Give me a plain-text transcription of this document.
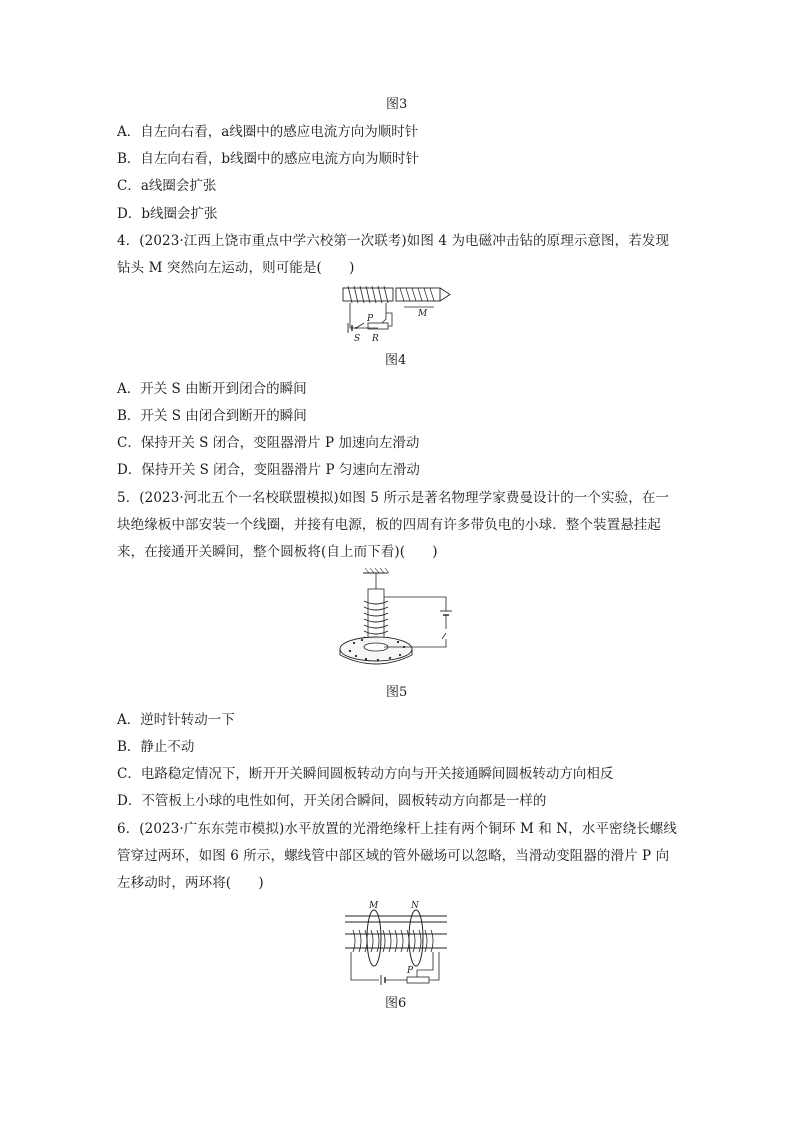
图3
A．自左向右看，a线圈中的感应电流方向为顺时针
B．自左向右看，b线圈中的感应电流方向为顺时针
C．a线圈会扩张
D．b线圈会扩张
4．(2023·江西上饶市重点中学六校第一次联考)如图 4 为电磁冲击钻的原理示意图，若发现
钻头 M 突然向左运动，则可能是(　　)
M
P
S R
图4
A．开关 S 由断开到闭合的瞬间
B．开关 S 由闭合到断开的瞬间
C．保持开关 S 闭合，变阻器滑片 P 加速向左滑动
D．保持开关 S 闭合，变阻器滑片 P 匀速向左滑动
5．(2023·河北五个一名校联盟模拟)如图 5 所示是著名物理学家费曼设计的一个实验，在一
块绝缘板中部安装一个线圈，并接有电源，板的四周有许多带负电的小球．整个装置悬挂起
来，在接通开关瞬间，整个圆板将(自上而下看)(　　)
图5
A．逆时针转动一下
B．静止不动
C．电路稳定情况下，断开开关瞬间圆板转动方向与开关接通瞬间圆板转动方向相反
D．不管板上小球的电性如何，开关闭合瞬间，圆板转动方向都是一样的
6．(2023·广东东莞市模拟)水平放置的光滑绝缘杆上挂有两个铜环 M 和 N，水平密绕长螺线
管穿过两环，如图 6 所示，螺线管中部区域的管外磁场可以忽略，当滑动变阻器的滑片 P 向
左移动时，两环将(　　)
M	N
P
图6
